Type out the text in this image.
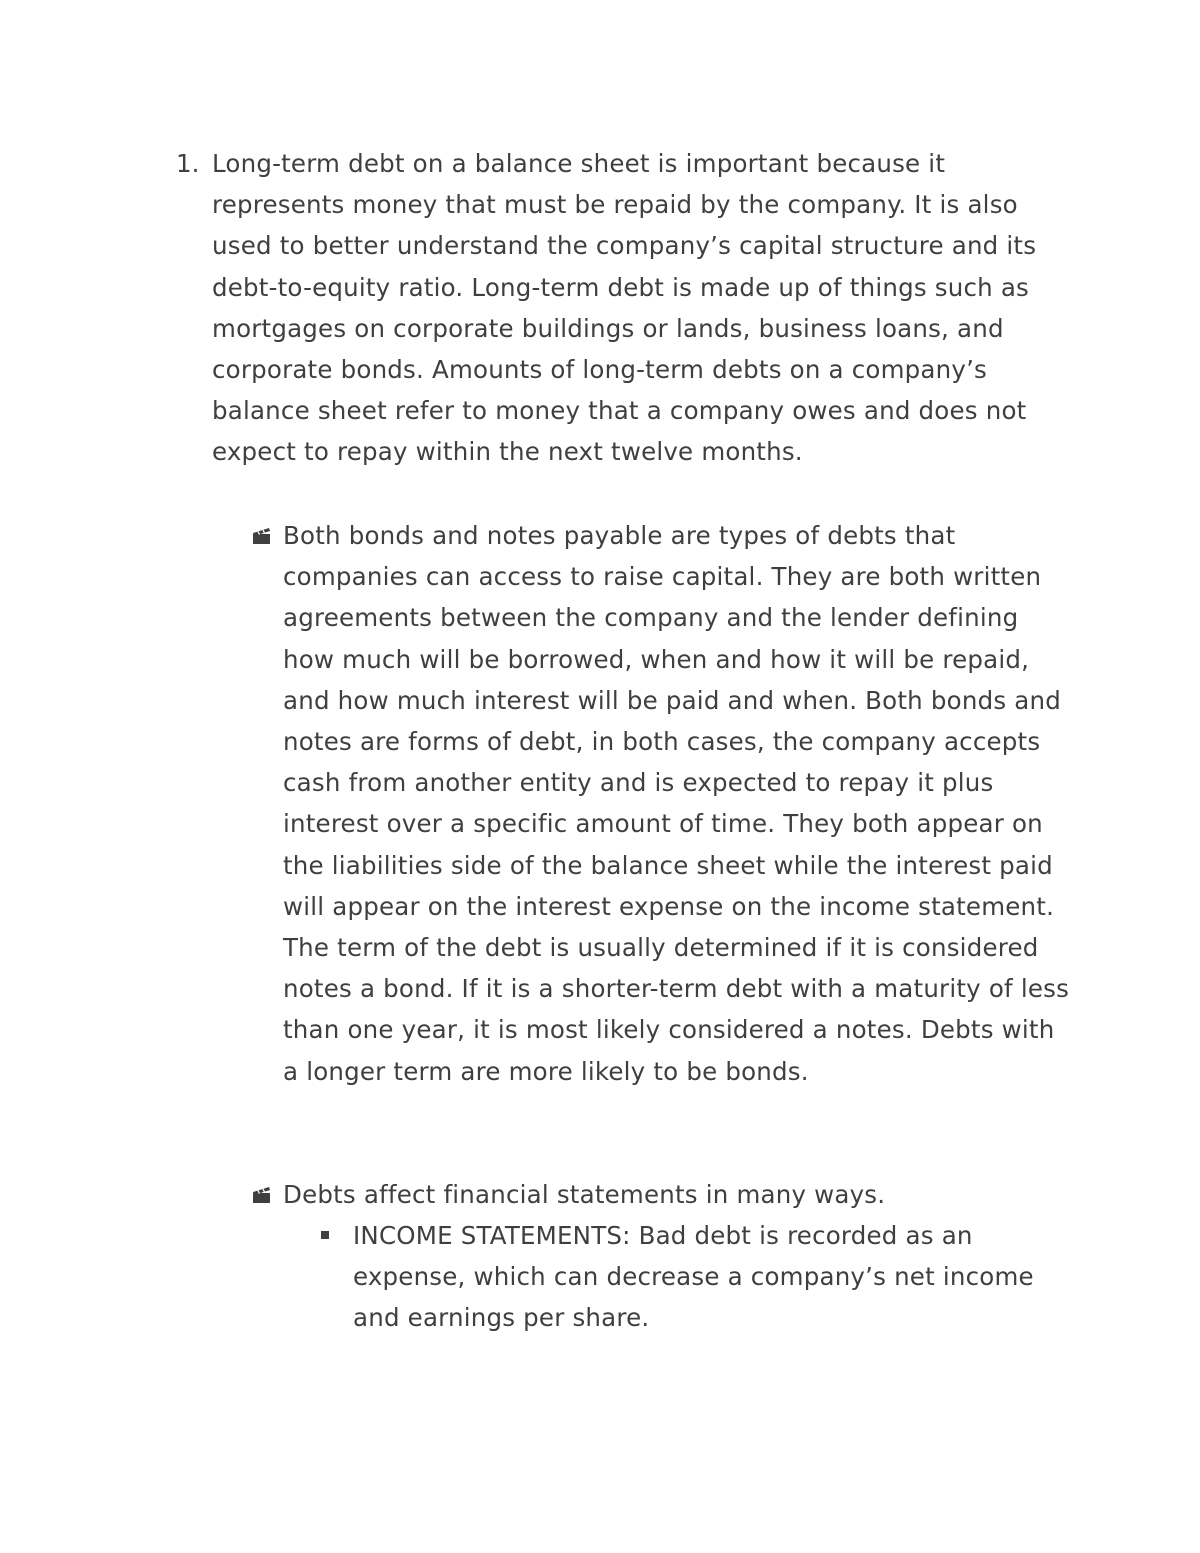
1. Long-term debt on a balance sheet is important because it represents money that must be repaid by the company. It is also used to better understand the company’s capital structure and its debt-to-equity ratio. Long-term debt is made up of things such as mortgages on corporate buildings or lands, business loans, and corporate bonds. Amounts of long-term debts on a company’s balance sheet refer to money that a company owes and does not expect to repay within the next twelve months.
Both bonds and notes payable are types of debts that companies can access to raise capital. They are both written agreements between the company and the lender defining how much will be borrowed, when and how it will be repaid, and how much interest will be paid and when. Both bonds and notes are forms of debt, in both cases, the company accepts cash from another entity and is expected to repay it plus interest over a specific amount of time. They both appear on the liabilities side of the balance sheet while the interest paid will appear on the interest expense on the income statement. The term of the debt is usually determined if it is considered notes a bond. If it is a shorter-term debt with a maturity of less than one year, it is most likely considered a notes. Debts with a longer term are more likely to be bonds.
Debts affect financial statements in many ways.
INCOME STATEMENTS: Bad debt is recorded as an expense, which can decrease a company’s net income and earnings per share.
